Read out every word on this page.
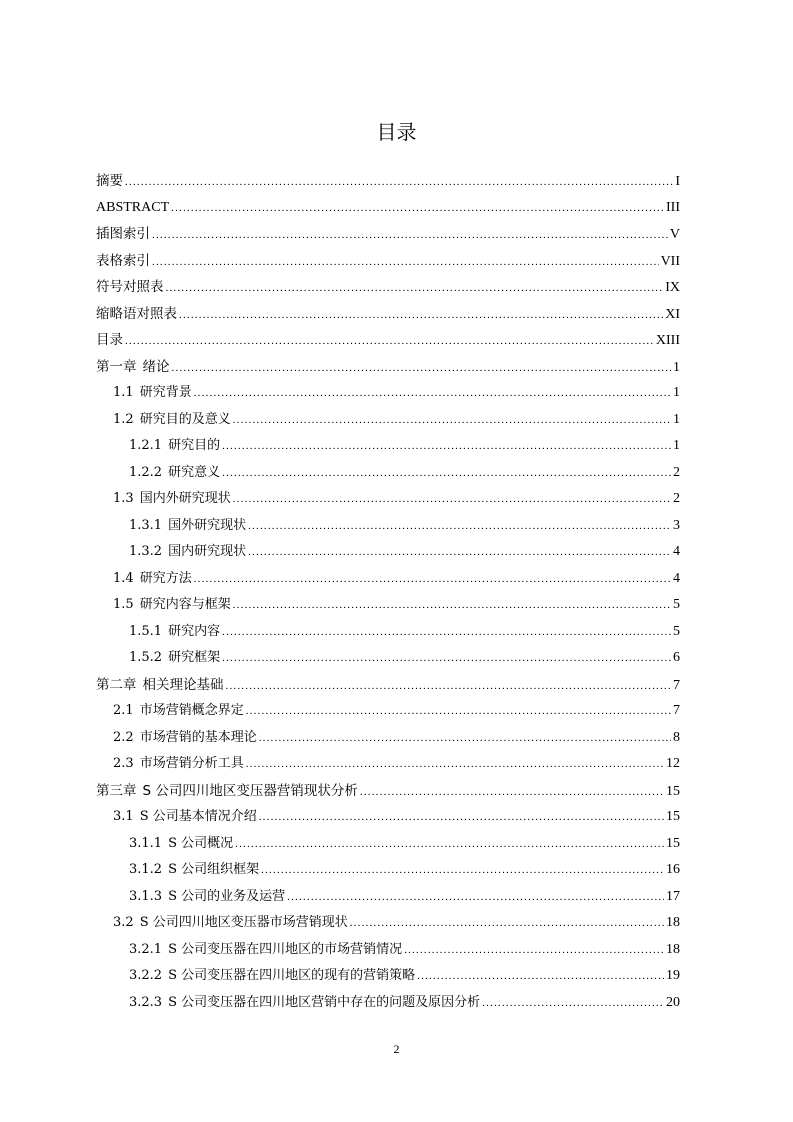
目录
摘要 .....	I
ABSTRACT .....	III
插图索引 .....	V
表格索引 .....	VII
符号对照表 .....	IX
缩略语对照表 .....	XI
目录 .....	XIII
第一章 绪论 .....	1
1.1 研究背景 .....	1
1.2 研究目的及意义 .....	1
1.2.1 研究目的 .....	1
1.2.2 研究意义 .....	2
1.3 国内外研究现状 .....	2
1.3.1 国外研究现状 .....	3
1.3.2 国内研究现状 .....	4
1.4 研究方法 .....	4
1.5 研究内容与框架 .....	5
1.5.1 研究内容 .....	5
1.5.2 研究框架 .....	6
第二章 相关理论基础 .....	7
2.1 市场营销概念界定 .....	7
2.2 市场营销的基本理论 .....	8
2.3 市场营销分析工具 .....	12
第三章 S 公司四川地区变压器营销现状分析 .....	15
3.1 S 公司基本情况介绍 .....	15
3.1.1 S 公司概况 .....	15
3.1.2 S 公司组织框架 .....	16
3.1.3 S 公司的业务及运营 .....	17
3.2 S 公司四川地区变压器市场营销现状 .....	18
3.2.1 S 公司变压器在四川地区的市场营销情况 .....	18
3.2.2 S 公司变压器在四川地区的现有的营销策略 .....	19
3.2.3 S 公司变压器在四川地区营销中存在的问题及原因分析 .....	20
2
